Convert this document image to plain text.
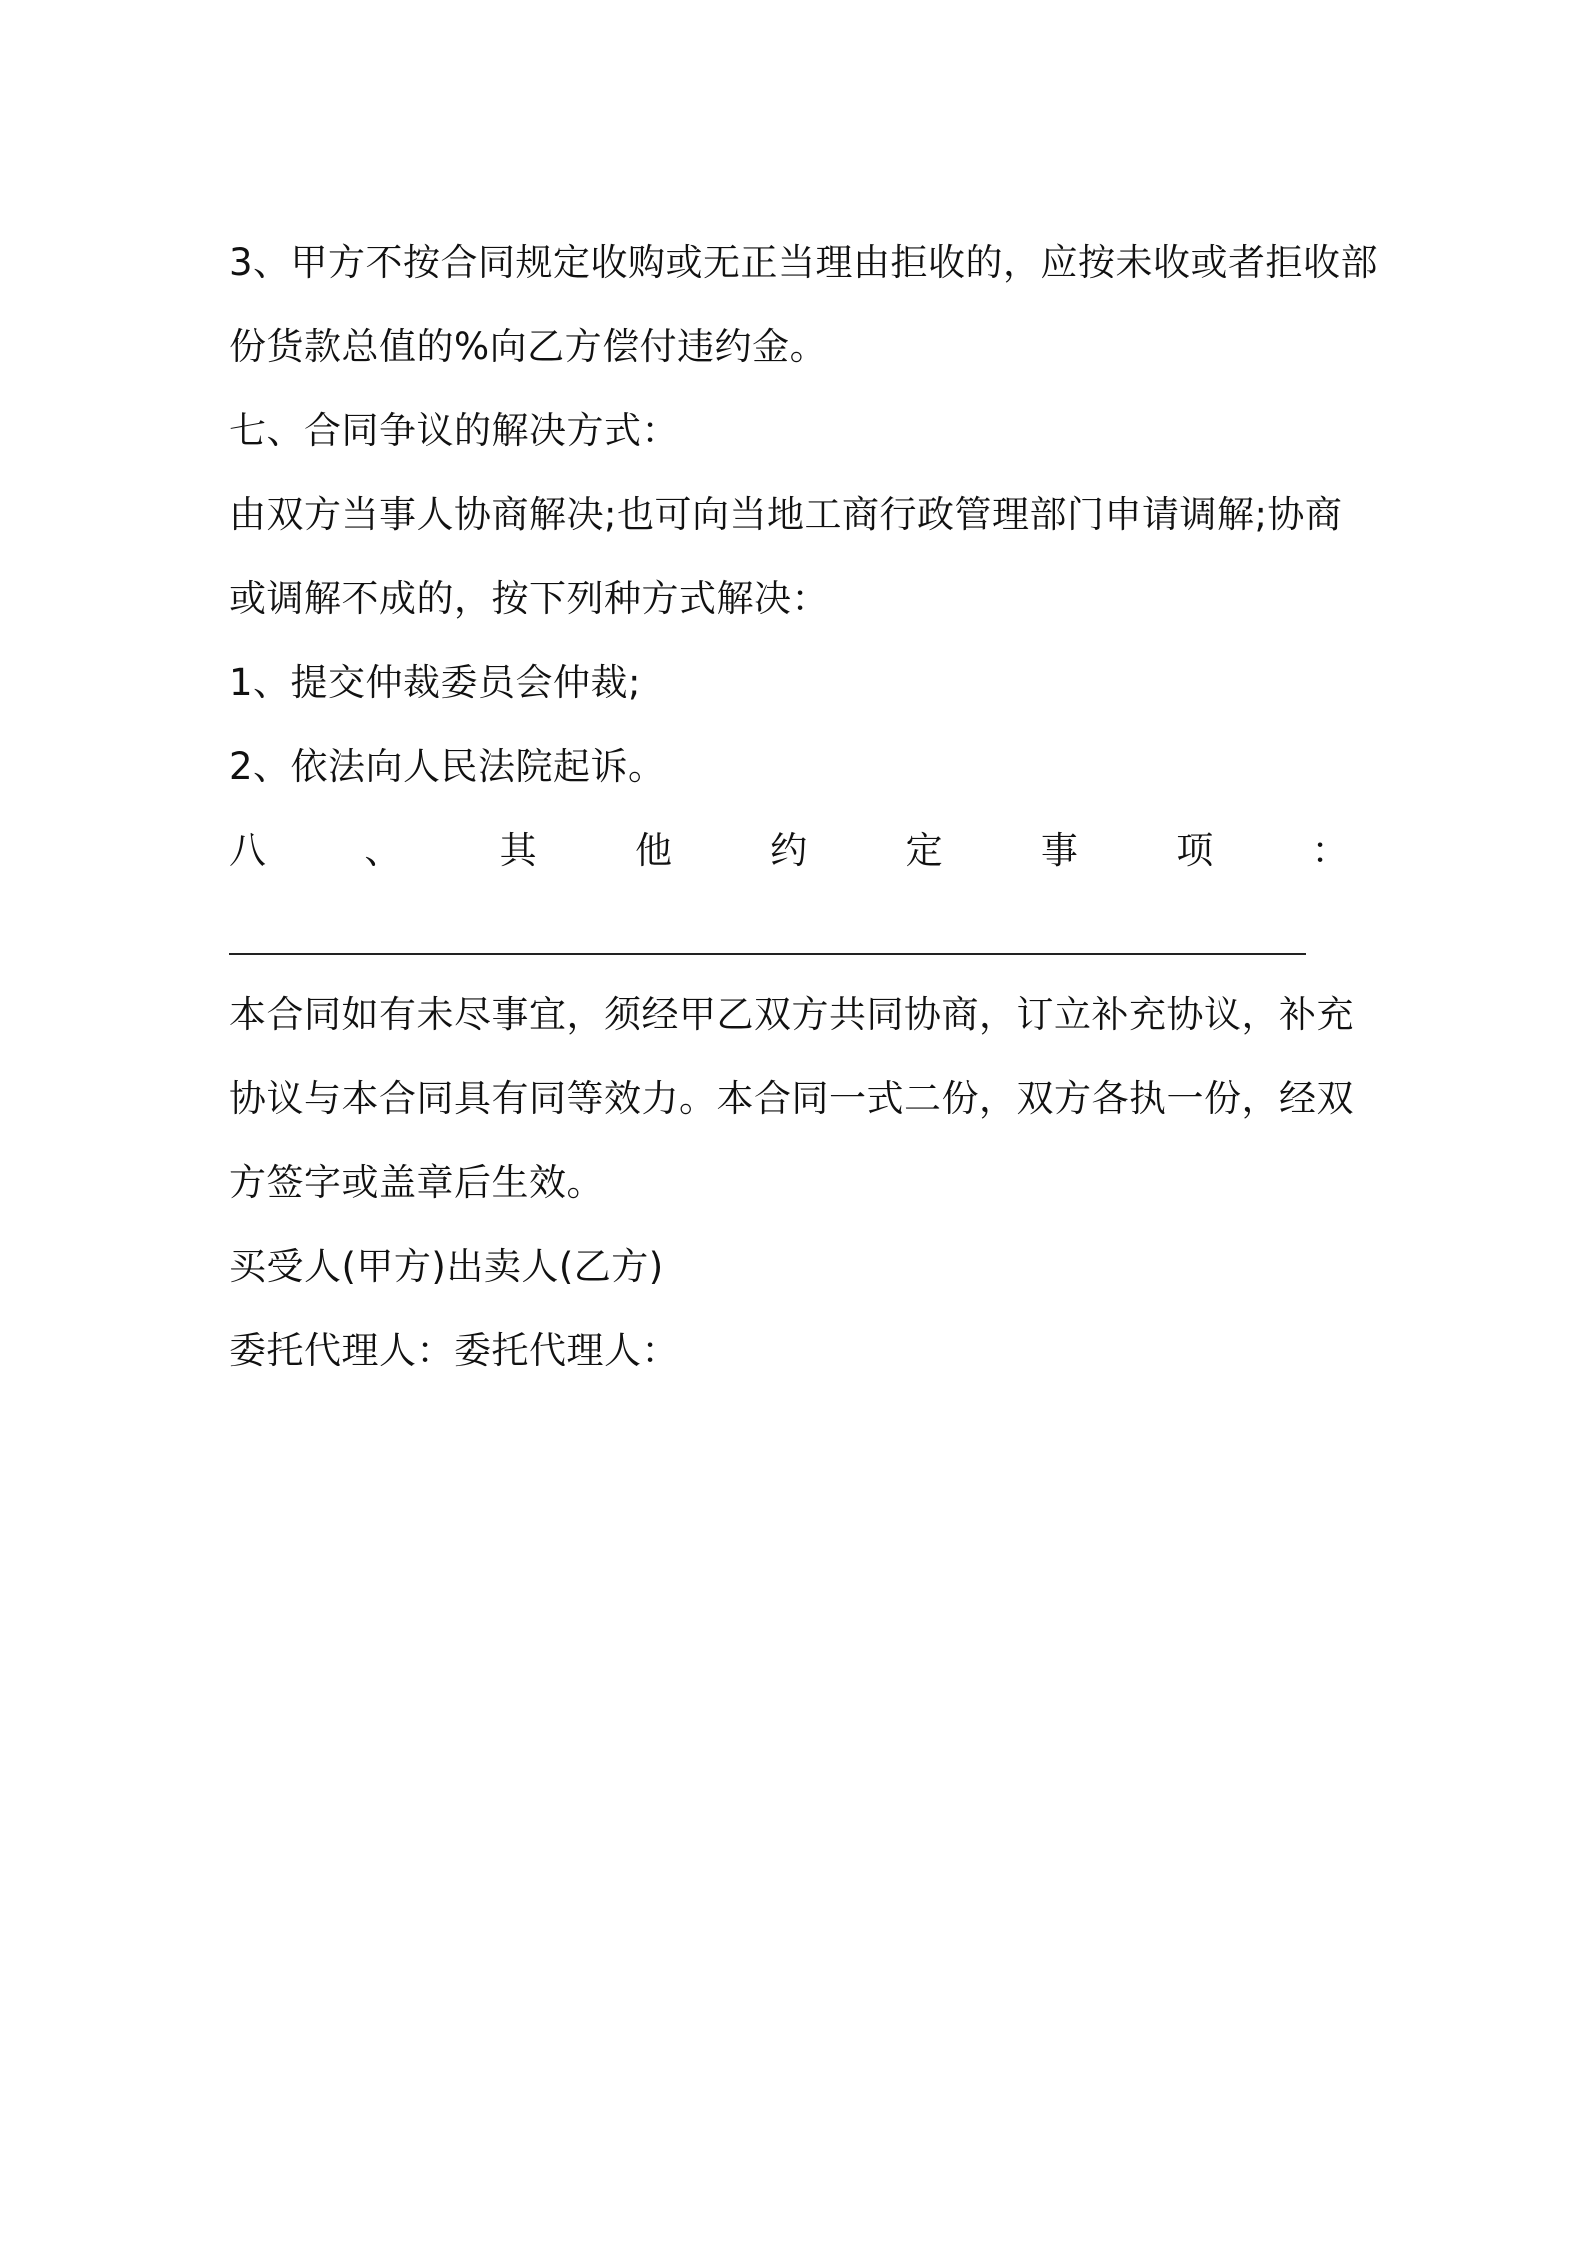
3、甲方不按合同规定收购或无正当理由拒收的，应按未收或者拒收部
份货款总值的%向乙方偿付违约金。
七、合同争议的解决方式：
由双方当事人协商解决;也可向当地工商行政管理部门申请调解;协商
或调解不成的，按下列种方式解决：
1、提交仲裁委员会仲裁;
2、依法向人民法院起诉。
八	、	其	他	约	定	事	项	：
本合同如有未尽事宜，须经甲乙双方共同协商，订立补充协议，补充
协议与本合同具有同等效力。本合同一式二份，双方各执一份，经双
方签字或盖章后生效。
买受人(甲方)出卖人(乙方)
委托代理人：委托代理人：
